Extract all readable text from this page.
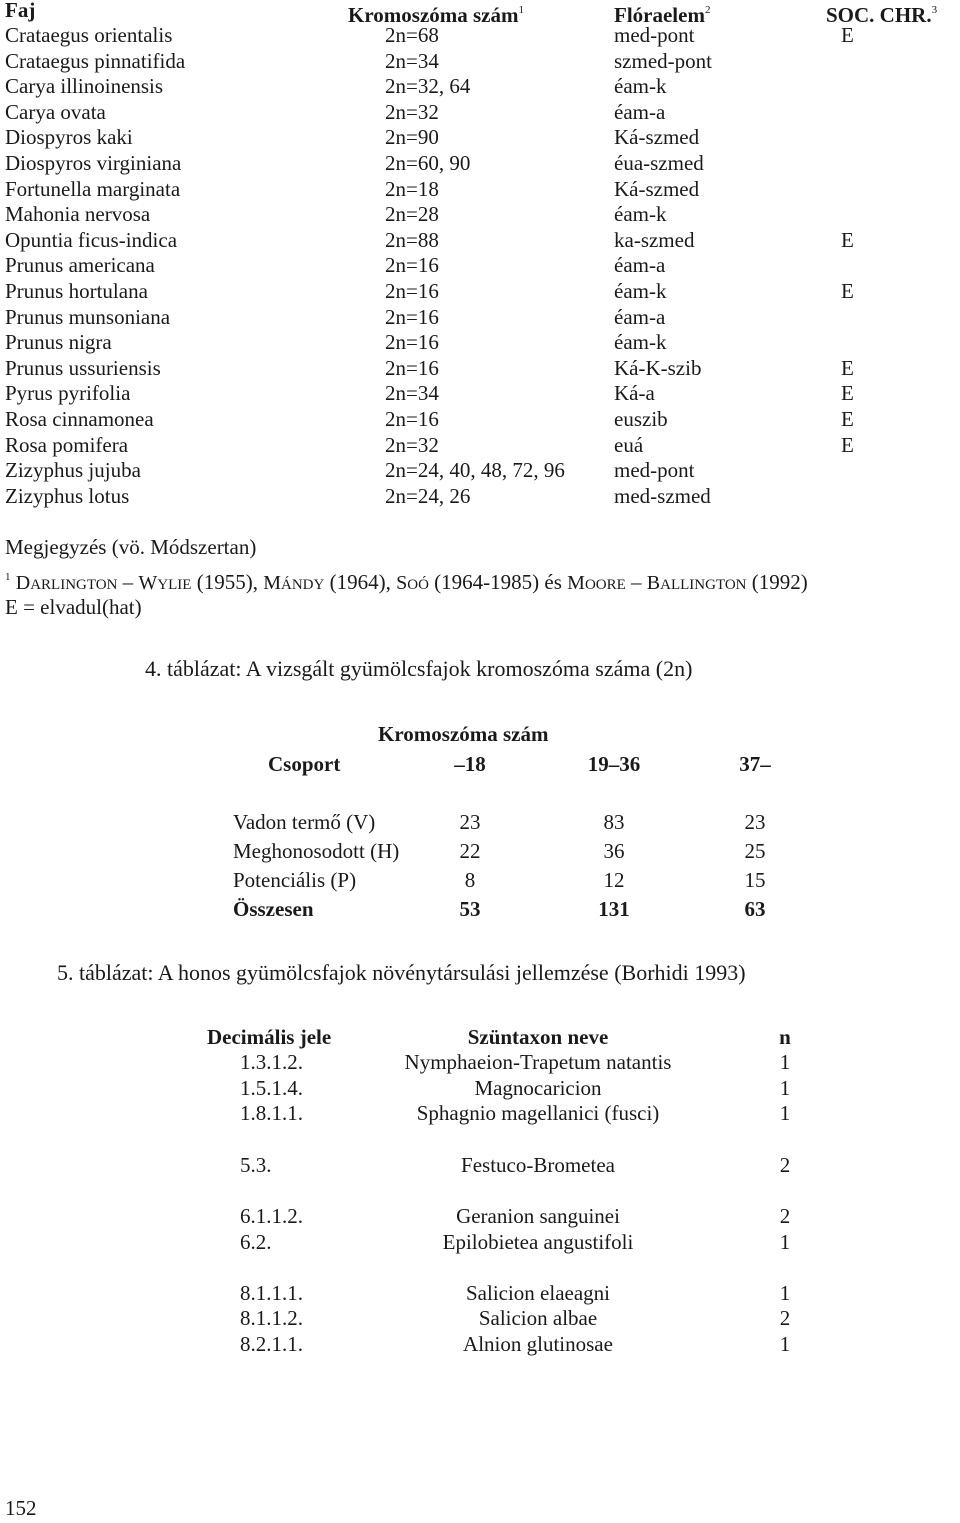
Faj	Kromoszóma szám$^1$	Flóraelem$^2$	SOC. CHR.$^3$
Crataegus orientalis	2n=68	med-pont	E
Crataegus pinnatifida	2n=34	szmed-pont
Carya illinoinensis	2n=32, 64	éam-k
Carya ovata	2n=32	éam-a
Diospyros kaki	2n=90	Ká-szmed
Diospyros virginiana	2n=60, 90	éua-szmed
Fortunella marginata	2n=18	Ká-szmed
Mahonia nervosa	2n=28	éam-k
Opuntia ficus-indica	2n=88	ka-szmed	E
Prunus americana	2n=16	éam-a
Prunus hortulana	2n=16	éam-k	E
Prunus munsoniana	2n=16	éam-a
Prunus nigra	2n=16	éam-k
Prunus ussuriensis	2n=16	Ká-K-szib	E
Pyrus pyrifolia	2n=34	Ká-a	E
Rosa cinnamonea	2n=16	euszib	E
Rosa pomifera	2n=32	euá	E
Zizyphus jujuba	2n=24, 40, 48, 72, 96 med-pont
Zizyphus lotus	2n=24, 26	med-szmed
Megjegyzés (vö. Módszertan)
$^1$ DARLINGTON – WYLIE (1955), MÁNDY (1964), SOÓ (1964-1985) és MOORE – BALLINGTON (1992)
E = elvadul(hat)
4. táblázat: A vizsgált gyümölcsfajok kromoszóma száma (2n)
Kromoszóma szám
Csoport	–18	19–36	37–
Vadon termő (V)	23	83	23
Meghonosodott (H)	22	36	25
Potenciális (P)	8	12	15
Összesen	53	131	63
5. táblázat: A honos gyümölcsfajok növénytársulási jellemzése (Borhidi 1993)
Decimális jele	Szüntaxon neve	n
1.3.1.2.	Nymphaeion-Trapetum natantis	1
1.5.1.4.	Magnocaricion	1
1.8.1.1.	Sphagnio magellanici (fusci)	1
5.3.	Festuco-Brometea	2
6.1.1.2.	Geranion sanguinei	2
6.2.	Epilobietea angustifoli	1
8.1.1.1.	Salicion elaeagni	1
8.1.1.2.	Salicion albae	2
8.2.1.1.	Alnion glutinosae	1
152
